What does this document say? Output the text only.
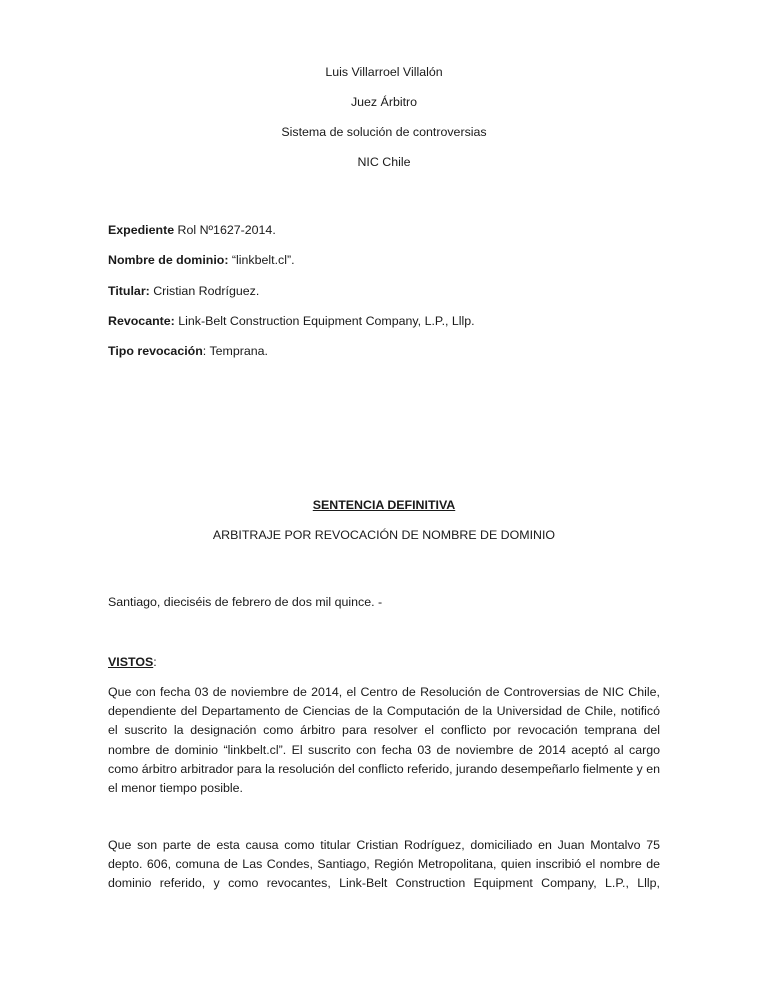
Luis Villarroel Villalón
Juez Árbitro
Sistema de solución de controversias
NIC Chile
Expediente Rol Nº1627-2014.
Nombre de dominio: “linkbelt.cl”.
Titular: Cristian Rodríguez.
Revocante: Link-Belt Construction Equipment Company, L.P., Lllp.
Tipo revocación: Temprana.
SENTENCIA DEFINITIVA
ARBITRAJE POR REVOCACIÓN DE NOMBRE DE DOMINIO
Santiago, dieciséis de febrero de dos mil quince. -
VISTOS:
Que con fecha 03 de noviembre de 2014, el Centro de Resolución de Controversias de NIC Chile, dependiente del Departamento de Ciencias de la Computación de la Universidad de Chile, notificó el suscrito la designación como árbitro para resolver el conflicto por revocación temprana del nombre de dominio “linkbelt.cl”. El suscrito con fecha 03 de noviembre de 2014 aceptó al cargo como árbitro arbitrador para la resolución del conflicto referido, jurando desempeñarlo fielmente y en el menor tiempo posible.
Que son parte de esta causa como titular Cristian Rodríguez, domiciliado en Juan Montalvo 75 depto. 606, comuna de Las Condes, Santiago, Región Metropolitana, quien inscribió el nombre de dominio referido, y como revocantes, Link-Belt Construction Equipment Company, L.P., Lllp,
